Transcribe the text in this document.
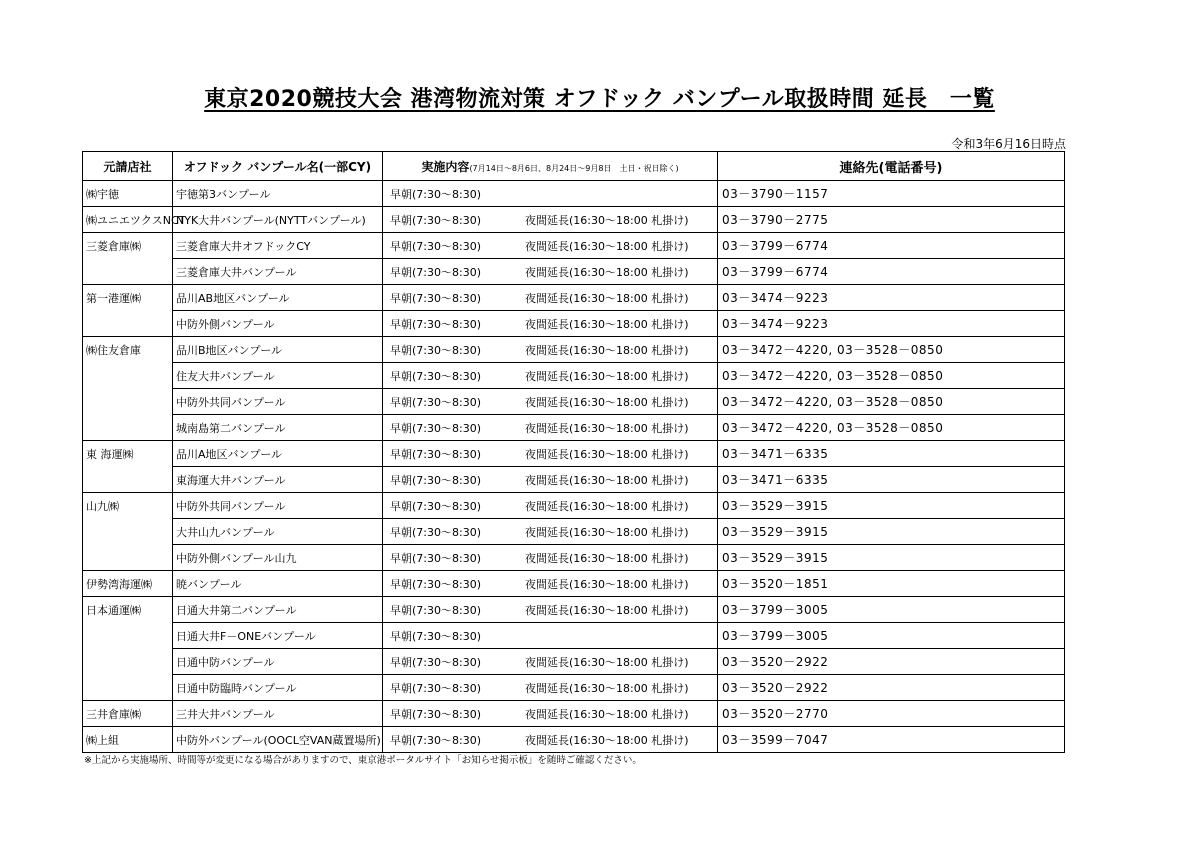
東京2020競技大会 港湾物流対策 オフドック バンプール取扱時間 延長　一覧
令和3年6月16日時点
元請店社	オフドック バンプール名(一部CY)	実施内容(7月14日～8月6日、8月24日～9月8日　土日・祝日除く)	連絡先(電話番号)
㈱宇徳	宇徳第3バンプール	早朝(7:30～8:30)	03－3790－1157
㈱ユニエツクスNCT	NYK大井バンプール(NYTTバンプール)	早朝(7:30～8:30) 夜間延長(16:30～18:00 札掛け)	03－3790－2775
三菱倉庫㈱	三菱倉庫大井オフドックCY	早朝(7:30～8:30) 夜間延長(16:30～18:00 札掛け)	03－3799－6774
	三菱倉庫大井バンプール	早朝(7:30～8:30) 夜間延長(16:30～18:00 札掛け)	03－3799－6774
第一港運㈱	品川AB地区バンプール	早朝(7:30～8:30) 夜間延長(16:30～18:00 札掛け)	03－3474－9223
	中防外側バンプール	早朝(7:30～8:30) 夜間延長(16:30～18:00 札掛け)	03－3474－9223
㈱住友倉庫	品川B地区バンプール	早朝(7:30～8:30) 夜間延長(16:30～18:00 札掛け)	03－3472－4220, 03－3528－0850
	住友大井バンプール	早朝(7:30～8:30) 夜間延長(16:30～18:00 札掛け)	03－3472－4220, 03－3528－0850
	中防外共同バンプール	早朝(7:30～8:30) 夜間延長(16:30～18:00 札掛け)	03－3472－4220, 03－3528－0850
	城南島第二バンプール	早朝(7:30～8:30) 夜間延長(16:30～18:00 札掛け)	03－3472－4220, 03－3528－0850
東 海運㈱	品川A地区バンプール	早朝(7:30～8:30) 夜間延長(16:30～18:00 札掛け)	03－3471－6335
	東海運大井バンプール	早朝(7:30～8:30) 夜間延長(16:30～18:00 札掛け)	03－3471－6335
山九㈱	中防外共同バンプール	早朝(7:30～8:30) 夜間延長(16:30～18:00 札掛け)	03－3529－3915
	大井山九バンプール	早朝(7:30～8:30) 夜間延長(16:30～18:00 札掛け)	03－3529－3915
	中防外側バンプール山九	早朝(7:30～8:30) 夜間延長(16:30～18:00 札掛け)	03－3529－3915
伊勢湾海運㈱	暁バンプール	早朝(7:30～8:30) 夜間延長(16:30～18:00 札掛け)	03－3520－1851
日本通運㈱	日通大井第二バンプール	早朝(7:30～8:30) 夜間延長(16:30～18:00 札掛け)	03－3799－3005
	日通大井F－ONEバンプール	早朝(7:30～8:30)	03－3799－3005
	日通中防バンプール	早朝(7:30～8:30) 夜間延長(16:30～18:00 札掛け)	03－3520－2922
	日通中防臨時バンプール	早朝(7:30～8:30) 夜間延長(16:30～18:00 札掛け)	03－3520－2922
三井倉庫㈱	三井大井バンプール	早朝(7:30～8:30) 夜間延長(16:30～18:00 札掛け)	03－3520－2770
㈱上組	中防外バンプール(OOCL空VAN蔵置場所)	早朝(7:30～8:30) 夜間延長(16:30～18:00 札掛け)	03－3599－7047
※上記から実施場所、時間等が変更になる場合がありますので、東京港ポータルサイト「お知らせ掲示板」を随時ご確認ください。
